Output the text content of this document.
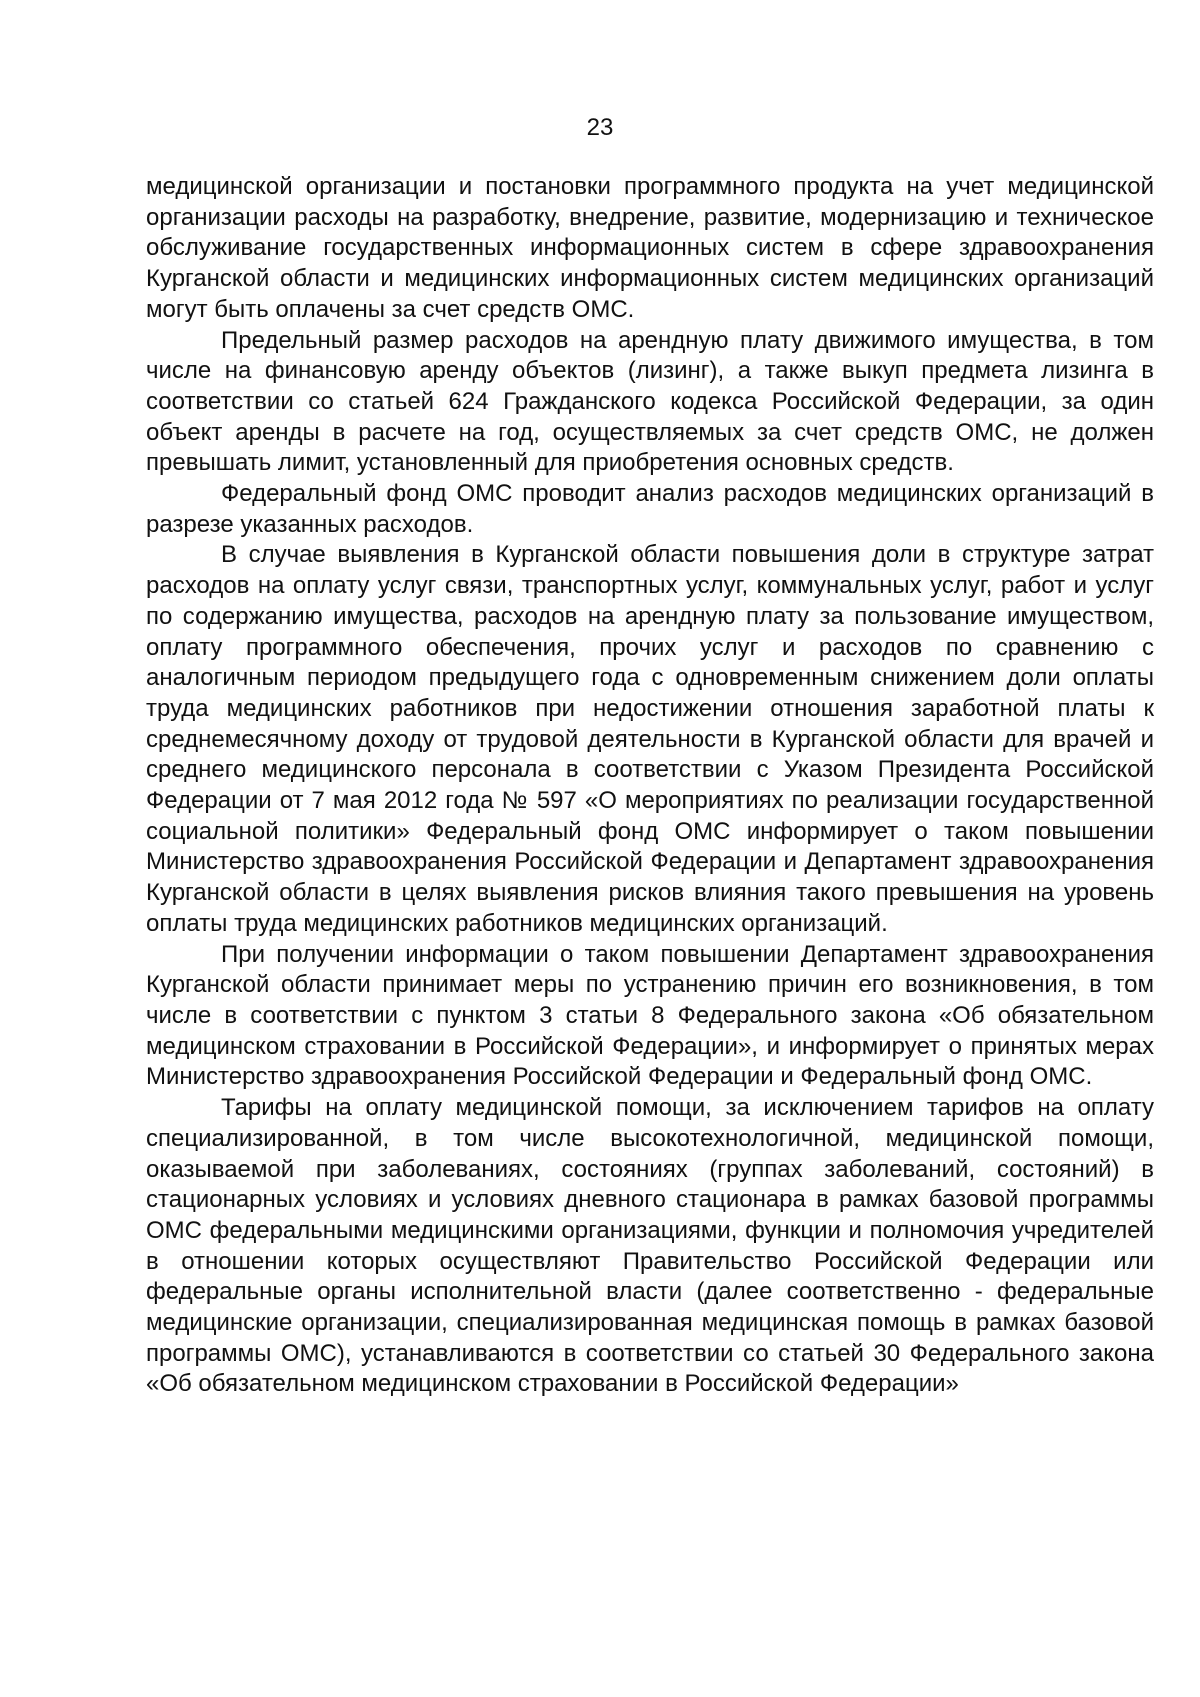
23

медицинской организации и постановки программного продукта на учет медицинской организации расходы на разработку, внедрение, развитие, модернизацию и техническое обслуживание государственных информационных систем в сфере здравоохранения Курганской области и медицинских информационных систем медицинских организаций могут быть оплачены за счет средств ОМС.

Предельный размер расходов на арендную плату движимого имущества, в том числе на финансовую аренду объектов (лизинг), а также выкуп предмета лизинга в соответствии со статьей 624 Гражданского кодекса Российской Федерации, за один объект аренды в расчете на год, осуществляемых за счет средств ОМС, не должен превышать лимит, установленный для приобретения основных средств.

Федеральный фонд ОМС проводит анализ расходов медицинских организаций в разрезе указанных расходов.

В случае выявления в Курганской области повышения доли в структуре затрат расходов на оплату услуг связи, транспортных услуг, коммунальных услуг, работ и услуг по содержанию имущества, расходов на арендную плату за пользование имуществом, оплату программного обеспечения, прочих услуг и расходов по сравнению с аналогичным периодом предыдущего года с одновременным снижением доли оплаты труда медицинских работников при недостижении отношения заработной платы к среднемесячному доходу от трудовой деятельности в Курганской области для врачей и среднего медицинского персонала в соответствии с Указом Президента Российской Федерации от 7 мая 2012 года № 597 «О мероприятиях по реализации государственной социальной политики» Федеральный фонд ОМС информирует о таком повышении Министерство здравоохранения Российской Федерации и Департамент здравоохранения Курганской области в целях выявления рисков влияния такого превышения на уровень оплаты труда медицинских работников медицинских организаций.

При получении информации о таком повышении Департамент здравоохранения Курганской области принимает меры по устранению причин его возникновения, в том числе в соответствии с пунктом 3 статьи 8 Федерального закона «Об обязательном медицинском страховании в Российской Федерации», и информирует о принятых мерах Министерство здравоохранения Российской Федерации и Федеральный фонд ОМС.

Тарифы на оплату медицинской помощи, за исключением тарифов на оплату специализированной, в том числе высокотехнологичной, медицинской помощи, оказываемой при заболеваниях, состояниях (группах заболеваний, состояний) в стационарных условиях и условиях дневного стационара в рамках базовой программы ОМС федеральными медицинскими организациями, функции и полномочия учредителей в отношении которых осуществляют Правительство Российской Федерации или федеральные органы исполнительной власти (далее соответственно - федеральные медицинские организации, специализированная медицинская помощь в рамках базовой программы ОМС), устанавливаются в соответствии со статьей 30 Федерального закона «Об обязательном медицинском страховании в Российской Федерации»
